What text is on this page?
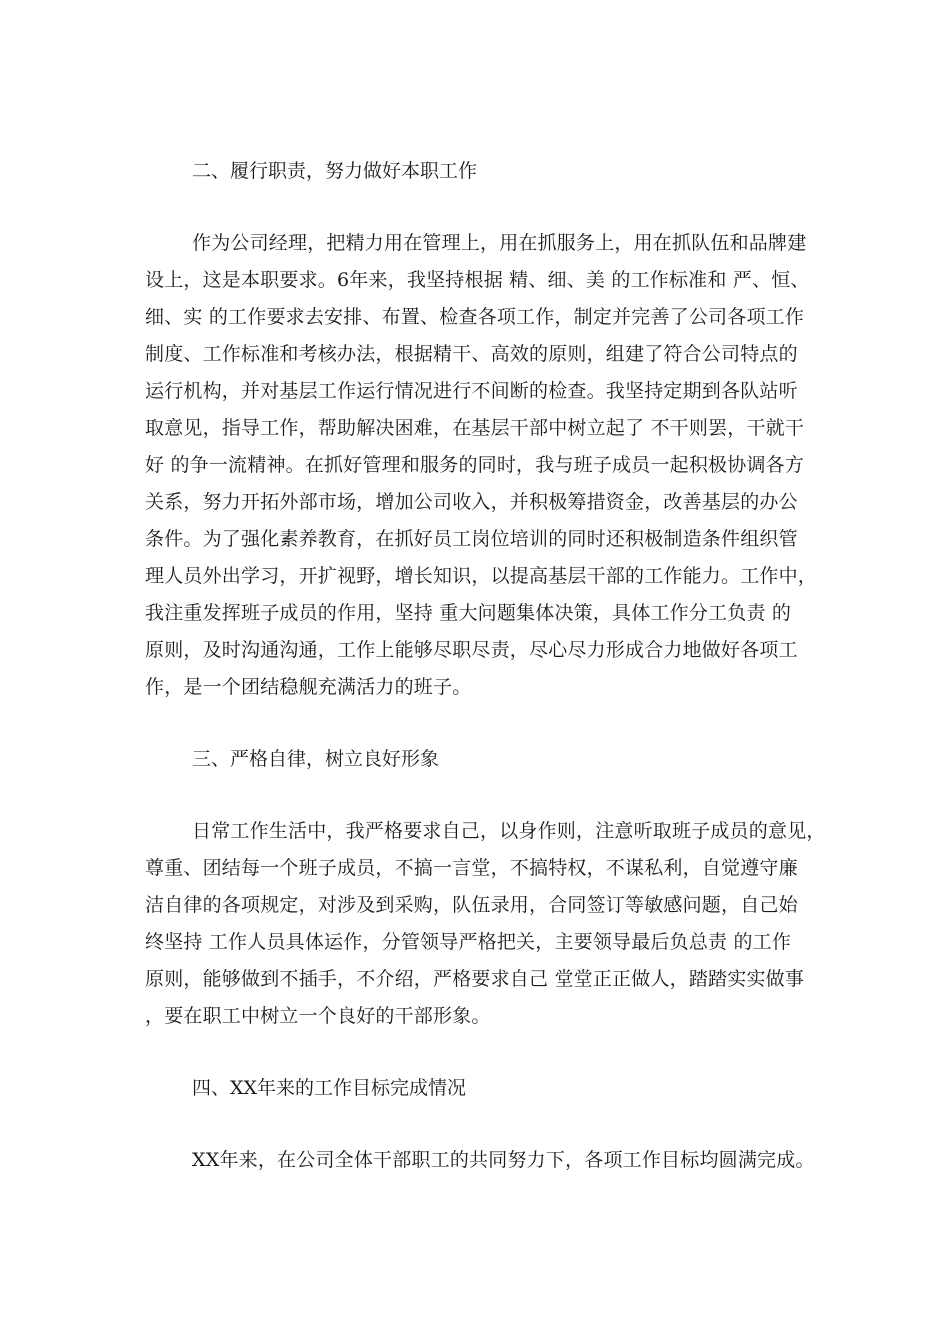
二、履行职责，努力做好本职工作
作为公司经理，把精力用在管理上，用在抓服务上，用在抓队伍和品牌建
设上，这是本职要求。6年来，我坚持根据 精、细、美 的工作标准和 严、恒、
细、实 的工作要求去安排、布置、检查各项工作，制定并完善了公司各项工作
制度、工作标准和考核办法，根据精干、高效的原则，组建了符合公司特点的
运行机构，并对基层工作运行情况进行不间断的检查。我坚持定期到各队站听
取意见，指导工作，帮助解决困难，在基层干部中树立起了 不干则罢，干就干
好 的争一流精神。在抓好管理和服务的同时，我与班子成员一起积极协调各方
关系，努力开拓外部市场，增加公司收入，并积极筹措资金，改善基层的办公
条件。为了强化素养教育，在抓好员工岗位培训的同时还积极制造条件组织管
理人员外出学习，开扩视野，增长知识，以提高基层干部的工作能力。工作中，
我注重发挥班子成员的作用，坚持 重大问题集体决策，具体工作分工负责 的
原则，及时沟通沟通，工作上能够尽职尽责，尽心尽力形成合力地做好各项工
作，是一个团结稳舰充满活力的班子。
三、严格自律，树立良好形象
日常工作生活中，我严格要求自己，以身作则，注意听取班子成员的意见，
尊重、团结每一个班子成员，不搞一言堂，不搞特权，不谋私利，自觉遵守廉
洁自律的各项规定，对涉及到采购，队伍录用，合同签订等敏感问题，自己始
终坚持 工作人员具体运作，分管领导严格把关，主要领导最后负总责 的工作
原则，能够做到不插手，不介绍，严格要求自己 堂堂正正做人，踏踏实实做事
，要在职工中树立一个良好的干部形象。
四、XX年来的工作目标完成情况
XX年来，在公司全体干部职工的共同努力下，各项工作目标均圆满完成。
